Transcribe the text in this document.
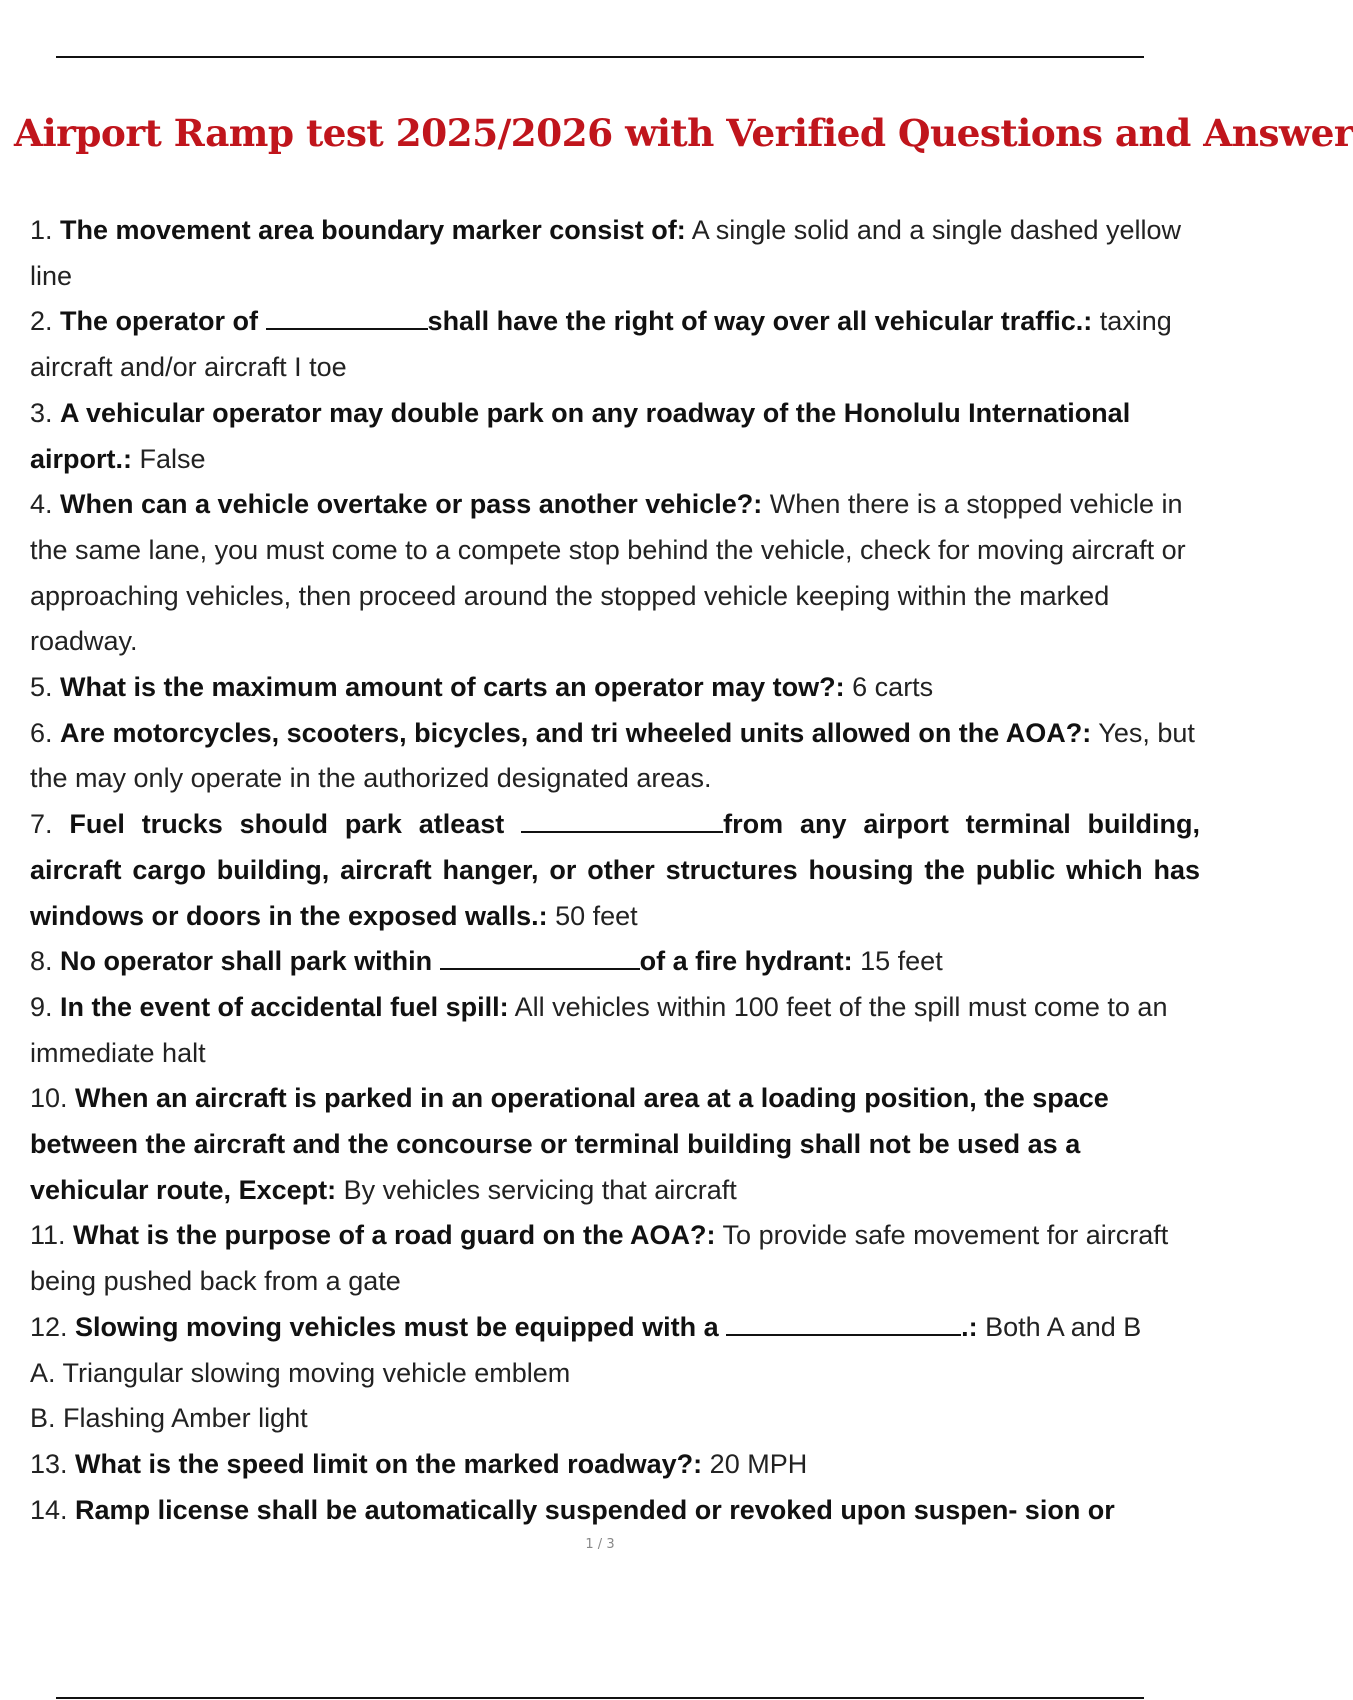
Airport Ramp test 2025/2026 with Verified Questions and Answer

1. The movement area boundary marker consist of: A single solid and a single dashed yellow line

2. The operator of	shall have the right of way over all vehicular traffic.: taxing aircraft and/or aircraft I toe

3. A vehicular operator may double park on any roadway of the Honolulu International airport.: False

4. When can a vehicle overtake or pass another vehicle?: When there is a stopped vehicle in the same lane, you must come to a compete stop behind the vehicle, check for moving aircraft or approaching vehicles, then proceed around the stopped vehicle keeping within the marked roadway.

5. What is the maximum amount of carts an operator may tow?: 6 carts

6. Are motorcycles, scooters, bicycles, and tri wheeled units allowed on the AOA?: Yes, but the may only operate in the authorized designated areas.

7. Fuel trucks should park atleast	from any airport terminal building, aircraft cargo building, aircraft hanger, or other structures housing the public which has windows or doors in the exposed walls.: 50 feet

8. No operator shall park within	of a fire hydrant: 15 feet

9. In the event of accidental fuel spill: All vehicles within 100 feet of the spill must come to an immediate halt

10. When an aircraft is parked in an operational area at a loading position, the space between the aircraft and the concourse or terminal building shall not be used as a vehicular route, Except: By vehicles servicing that aircraft

11. What is the purpose of a road guard on the AOA?: To provide safe movement for aircraft being pushed back from a gate

12. Slowing moving vehicles must be equipped with a	.: Both A and B

A. Triangular slowing moving vehicle emblem

B. Flashing Amber light

13. What is the speed limit on the marked roadway?: 20 MPH

14. Ramp license shall be automatically suspended or revoked upon suspen- sion or

1 / 3
